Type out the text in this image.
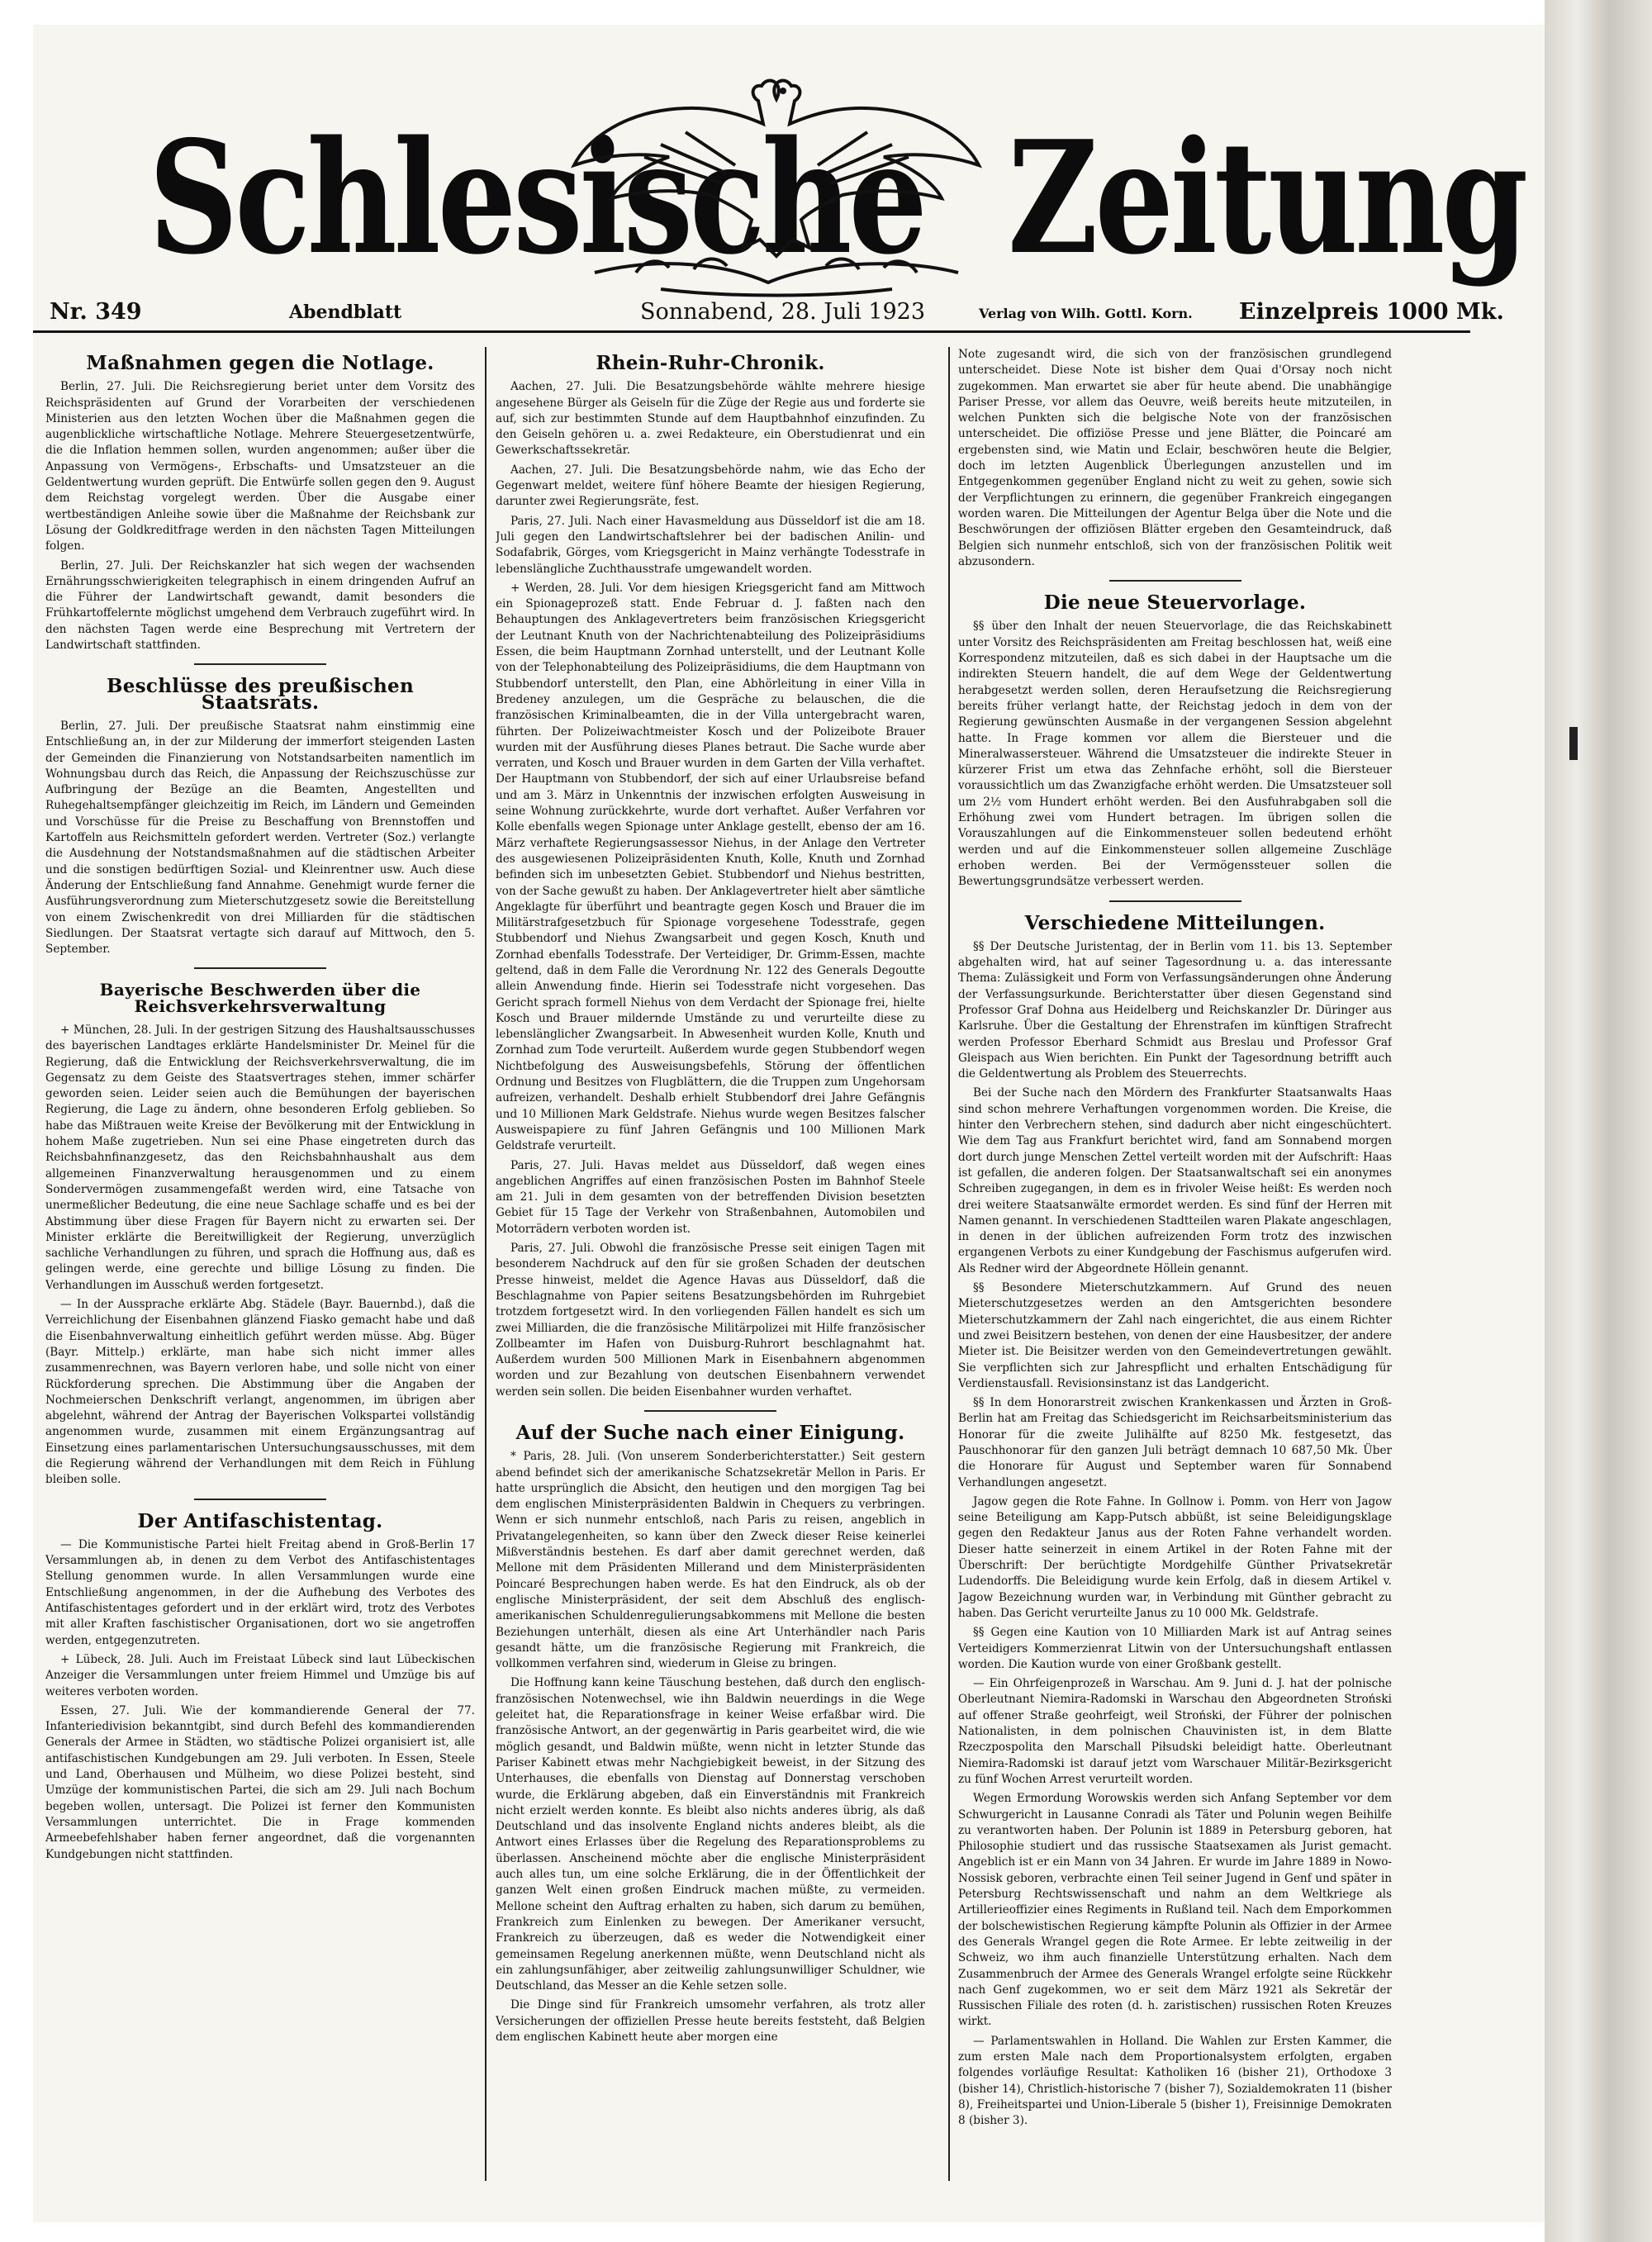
Schlesische Zeitung
Nr. 349	Abendblatt	Sonnabend, 28. Juli 1923	Verlag von Wilh. Gottl. Korn. Einzelpreis 1000 Mk.
Maßnahmen gegen die Notlage.

Berlin, 27. Juli. Die Reichsregierung beriet unter dem Vorsitz des Reichspräsidenten auf Grund der Vorarbeiten der verschiedenen Ministerien aus den letzten Wochen über die Maßnahmen gegen die augenblickliche wirtschaftliche Notlage. Mehrere Steuergesetzentwürfe, die die Inflation hemmen sollen, wurden angenommen; außer über die Anpassung von Vermögens-, Erbschafts- und Umsatzsteuer an die Geldentwertung wurden geprüft. Die Entwürfe sollen gegen den 9. August dem Reichstag vorgelegt werden. Über die Ausgabe einer wertbeständigen Anleihe sowie über die Maßnahme der Reichsbank zur Lösung der Goldkreditfrage werden in den nächsten Tagen Mitteilungen folgen.

Berlin, 27. Juli. Der Reichskanzler hat sich wegen der wachsenden Ernährungsschwierigkeiten telegraphisch in einem dringenden Aufruf an die Führer der Landwirtschaft gewandt, damit besonders die Frühkartoffelernte möglichst umgehend dem Verbrauch zugeführt wird. In den nächsten Tagen werde eine Besprechung mit Vertretern der Landwirtschaft stattfinden.

Beschlüsse des preußischen Staatsrats.

Berlin, 27. Juli. Der preußische Staatsrat nahm einstimmig eine Entschließung an, in der zur Milderung der immerfort steigenden Lasten der Gemeinden die Finanzierung von Notstandsarbeiten namentlich im Wohnungsbau durch das Reich, die Anpassung der Reichszuschüsse zur Aufbringung der Bezüge an die Beamten, Angestellten und Ruhegehaltsempfänger gleichzeitig im Reich, im Ländern und Gemeinden und Vorschüsse für die Preise zu Beschaffung von Brennstoffen und Kartoffeln aus Reichsmitteln gefordert werden. Vertreter (Soz.) verlangte die Ausdehnung der Notstandsmaßnahmen auf die städtischen Arbeiter und die sonstigen bedürftigen Sozial- und Kleinrentner usw. Auch diese Änderung der Entschließung fand Annahme. Genehmigt wurde ferner die Ausführungsverordnung zum Mieterschutzgesetz sowie die Bereitstellung von einem Zwischenkredit von drei Milliarden für die städtischen Siedlungen. Der Staatsrat vertagte sich darauf auf Mittwoch, den 5. September.

Bayerische Beschwerden über die Reichsverkehrsverwaltung

+ München, 28. Juli. In der gestrigen Sitzung des Haushaltsausschusses des bayerischen Landtages erklärte Handelsminister Dr. Meinel für die Regierung, daß die Entwicklung der Reichsverkehrsverwaltung, die im Gegensatz zu dem Geiste des Staatsvertrages stehen, immer schärfer geworden seien. Leider seien auch die Bemühungen der bayerischen Regierung, die Lage zu ändern, ohne besonderen Erfolg geblieben. So habe das Mißtrauen weite Kreise der Bevölkerung mit der Entwicklung in hohem Maße zugetrieben. Nun sei eine Phase eingetreten durch das Reichsbahnfinanzgesetz, das den Reichsbahnhaushalt aus dem allgemeinen Finanzverwaltung herausgenommen und zu einem Sondervermögen zusammengefaßt werden wird, eine Tatsache von unermeßlicher Bedeutung, die eine neue Sachlage schaffe und es bei der Abstimmung über diese Fragen für Bayern nicht zu erwarten sei. Der Minister erklärte die Bereitwilligkeit der Regierung, unverzüglich sachliche Verhandlungen zu führen, und sprach die Hoffnung aus, daß es gelingen werde, eine gerechte und billige Lösung zu finden. Die Verhandlungen im Ausschuß werden fortgesetzt.

— In der Aussprache erklärte Abg. Städele (Bayr. Bauernbd.), daß die Verreichlichung der Eisenbahnen glänzend Fiasko gemacht habe und daß die Eisenbahnverwaltung einheitlich geführt werden müsse. Abg. Büger (Bayr. Mittelp.) erklärte, man habe sich nicht immer alles zusammenrechnen, was Bayern verloren habe, und solle nicht von einer Rückforderung sprechen. Die Abstimmung über die Angaben der Nochmeierschen Denkschrift verlangt, angenommen, im übrigen aber abgelehnt, während der Antrag der Bayerischen Volkspartei vollständig angenommen wurde, zusammen mit einem Ergänzungsantrag auf Einsetzung eines parlamentarischen Untersuchungsausschusses, mit dem die Regierung während der Verhandlungen mit dem Reich in Fühlung bleiben solle.

Der Antifaschistentag.

— Die Kommunistische Partei hielt Freitag abend in Groß-Berlin 17 Versammlungen ab, in denen zu dem Verbot des Antifaschistentages Stellung genommen wurde. In allen Versammlungen wurde eine Entschließung angenommen, in der die Aufhebung des Verbotes des Antifaschistentages gefordert und in der erklärt wird, trotz des Verbotes mit aller Kraften faschistischer Organisationen, dort wo sie angetroffen werden, entgegenzutreten.

+ Lübeck, 28. Juli. Auch im Freistaat Lübeck sind laut Lübeckischen Anzeiger die Versammlungen unter freiem Himmel und Umzüge bis auf weiteres verboten worden.

Essen, 27. Juli. Wie der kommandierende General der 77. Infanteriedivision bekanntgibt, sind durch Befehl des kommandierenden Generals der Armee in Städten, wo städtische Polizei organisiert ist, alle antifaschistischen Kundgebungen am 29. Juli verboten. In Essen, Steele und Land, Oberhausen und Mülheim, wo diese Polizei besteht, sind Umzüge der kommunistischen Partei, die sich am 29. Juli nach Bochum begeben wollen, untersagt. Die Polizei ist ferner den Kommunisten Versammlungen unterrichtet. Die in Frage kommenden Armeebefehlshaber haben ferner angeordnet, daß die vorgenannten Kundgebungen nicht stattfinden.

Rhein-Ruhr-Chronik.

Aachen, 27. Juli. Die Besatzungsbehörde wählte mehrere hiesige angesehene Bürger als Geiseln für die Züge der Regie aus und forderte sie auf, sich zur bestimmten Stunde auf dem Hauptbahnhof einzufinden. Zu den Geiseln gehören u. a. zwei Redakteure, ein Oberstudienrat und ein Gewerkschaftssekretär.

Aachen, 27. Juli. Die Besatzungsbehörde nahm, wie das Echo der Gegenwart meldet, weitere fünf höhere Beamte der hiesigen Regierung, darunter zwei Regierungsräte, fest.

Paris, 27. Juli. Nach einer Havasmeldung aus Düsseldorf ist die am 18. Juli gegen den Landwirtschaftslehrer bei der badischen Anilin- und Sodafabrik, Görges, vom Kriegsgericht in Mainz verhängte Todesstrafe in lebenslängliche Zuchthausstrafe umgewandelt worden.

+ Werden, 28. Juli. Vor dem hiesigen Kriegsgericht fand am Mittwoch ein Spionageprozeß statt. Ende Februar d. J. faßten nach den Behauptungen des Anklagevertreters beim französischen Kriegsgericht der Leutnant Knuth von der Nachrichtenabteilung des Polizeipräsidiums Essen, die beim Hauptmann Zornhad unterstellt, und der Leutnant Kolle von der Telephonabteilung des Polizeipräsidiums, die dem Hauptmann von Stubbendorf unterstellt, den Plan, eine Abhörleitung in einer Villa in Bredeney anzulegen, um die Gespräche zu belauschen, die die französischen Kriminalbeamten, die in der Villa untergebracht waren, führten. Der Polizeiwachtmeister Kosch und der Polizeibote Brauer wurden mit der Ausführung dieses Planes betraut. Die Sache wurde aber verraten, und Kosch und Brauer wurden in dem Garten der Villa verhaftet. Der Hauptmann von Stubbendorf, der sich auf einer Urlaubsreise befand und am 3. März in Unkenntnis der inzwischen erfolgten Ausweisung in seine Wohnung zurückkehrte, wurde dort verhaftet. Außer Verfahren vor Kolle ebenfalls wegen Spionage unter Anklage gestellt, ebenso der am 16. März verhaftete Regierungsassessor Niehus, in der Anlage den Vertreter des ausgewiesenen Polizeipräsidenten Knuth, Kolle, Knuth und Zornhad befinden sich im unbesetzten Gebiet. Stubbendorf und Niehus bestritten, von der Sache gewußt zu haben. Der Anklagevertreter hielt aber sämtliche Angeklagte für überführt und beantragte gegen Kosch und Brauer die im Militärstrafgesetzbuch für Spionage vorgesehene Todesstrafe, gegen Stubbendorf und Niehus Zwangsarbeit und gegen Kosch, Knuth und Zornhad ebenfalls Todesstrafe. Der Verteidiger, Dr. Grimm-Essen, machte geltend, daß in dem Falle die Verordnung Nr. 122 des Generals Degoutte allein Anwendung finde. Hierin sei Todesstrafe nicht vorgesehen. Das Gericht sprach formell Niehus von dem Verdacht der Spionage frei, hielte Kosch und Brauer mildernde Umstände zu und verurteilte diese zu lebenslänglicher Zwangsarbeit. In Abwesenheit wurden Kolle, Knuth und Zornhad zum Tode verurteilt. Außerdem wurde gegen Stubbendorf wegen Nichtbefolgung des Ausweisungsbefehls, Störung der öffentlichen Ordnung und Besitzes von Flugblättern, die die Truppen zum Ungehorsam aufreizen, verhandelt. Deshalb erhielt Stubbendorf drei Jahre Gefängnis und 10 Millionen Mark Geldstrafe. Niehus wurde wegen Besitzes falscher Ausweispapiere zu fünf Jahren Gefängnis und 100 Millionen Mark Geldstrafe verurteilt.

Paris, 27. Juli. Havas meldet aus Düsseldorf, daß wegen eines angeblichen Angriffes auf einen französischen Posten im Bahnhof Steele am 21. Juli in dem gesamten von der betreffenden Division besetzten Gebiet für 15 Tage der Verkehr von Straßenbahnen, Automobilen und Motorrädern verboten worden ist.

Paris, 27. Juli. Obwohl die französische Presse seit einigen Tagen mit besonderem Nachdruck auf den für sie großen Schaden der deutschen Presse hinweist, meldet die Agence Havas aus Düsseldorf, daß die Beschlagnahme von Papier seitens Besatzungsbehörden im Ruhrgebiet trotzdem fortgesetzt wird. In den vorliegenden Fällen handelt es sich um zwei Milliarden, die die französische Militärpolizei mit Hilfe französischer Zollbeamter im Hafen von Duisburg-Ruhrort beschlagnahmt hat. Außerdem wurden 500 Millionen Mark in Eisenbahnern abgenommen worden und zur Bezahlung von deutschen Eisenbahnern verwendet werden sein sollen. Die beiden Eisenbahner wurden verhaftet.

Auf der Suche nach einer Einigung.

* Paris, 28. Juli. (Von unserem Sonderberichterstatter.) Seit gestern abend befindet sich der amerikanische Schatzsekretär Mellon in Paris. Er hatte ursprünglich die Absicht, den heutigen und den morgigen Tag bei dem englischen Ministerpräsidenten Baldwin in Chequers zu verbringen. Wenn er sich nunmehr entschloß, nach Paris zu reisen, angeblich in Privatangelegenheiten, so kann über den Zweck dieser Reise keinerlei Mißverständnis bestehen. Es darf aber damit gerechnet werden, daß Mellone mit dem Präsidenten Millerand und dem Ministerpräsidenten Poincaré Besprechungen haben werde. Es hat den Eindruck, als ob der englische Ministerpräsident, der seit dem Abschluß des englisch-amerikanischen Schuldenregulierungsabkommens mit Mellone die besten Beziehungen unterhält, diesen als eine Art Unterhändler nach Paris gesandt hätte, um die französische Regierung mit Frankreich, die vollkommen verfahren sind, wiederum in Gleise zu bringen.

Die Hoffnung kann keine Täuschung bestehen, daß durch den englisch-französischen Notenwechsel, wie ihn Baldwin neuerdings in die Wege geleitet hat, die Reparationsfrage in keiner Weise erfaßbar wird. Die französische Antwort, an der gegenwärtig in Paris gearbeitet wird, die wie möglich gesandt, und Baldwin müßte, wenn nicht in letzter Stunde das Pariser Kabinett etwas mehr Nachgiebigkeit beweist, in der Sitzung des Unterhauses, die ebenfalls von Dienstag auf Donnerstag verschoben wurde, die Erklärung abgeben, daß ein Einverständnis mit Frankreich nicht erzielt werden konnte. Es bleibt also nichts anderes übrig, als daß Deutschland und das insolvente England nichts anderes bleibt, als die Antwort eines Erlasses über die Regelung des Reparationsproblems zu überlassen. Anscheinend möchte aber die englische Ministerpräsident auch alles tun, um eine solche Erklärung, die in der Öffentlichkeit der ganzen Welt einen großen Eindruck machen müßte, zu vermeiden. Mellone scheint den Auftrag erhalten zu haben, sich darum zu bemühen, Frankreich zum Einlenken zu bewegen. Der Amerikaner versucht, Frankreich zu überzeugen, daß es weder die Notwendigkeit einer gemeinsamen Regelung anerkennen müßte, wenn Deutschland nicht als ein zahlungsunfähiger, aber zeitweilig zahlungsunwilliger Schuldner, wie Deutschland, das Messer an die Kehle setzen solle.

Die Dinge sind für Frankreich umsomehr verfahren, als trotz aller Versicherungen der offiziellen Presse heute bereits feststeht, daß Belgien dem englischen Kabinett heute aber morgen eine

Note zugesandt wird, die sich von der französischen grundlegend unterscheidet. Diese Note ist bisher dem Quai d'Orsay noch nicht zugekommen. Man erwartet sie aber für heute abend. Die unabhängige Pariser Presse, vor allem das Oeuvre, weiß bereits heute mitzuteilen, in welchen Punkten sich die belgische Note von der französischen unterscheidet. Die offiziöse Presse und jene Blätter, die Poincaré am ergebensten sind, wie Matin und Eclair, beschwören heute die Belgier, doch im letzten Augenblick Überlegungen anzustellen und im Entgegenkommen gegenüber England nicht zu weit zu gehen, sowie sich der Verpflichtungen zu erinnern, die gegenüber Frankreich eingegangen worden waren. Die Mitteilungen der Agentur Belga über die Note und die Beschwörungen der offiziösen Blätter ergeben den Gesamteindruck, daß Belgien sich nunmehr entschloß, sich von der französischen Politik weit abzusondern.

Die neue Steuervorlage.

§§ über den Inhalt der neuen Steuervorlage, die das Reichskabinett unter Vorsitz des Reichspräsidenten am Freitag beschlossen hat, weiß eine Korrespondenz mitzuteilen, daß es sich dabei in der Hauptsache um die indirekten Steuern handelt, die auf dem Wege der Geldentwertung herabgesetzt werden sollen, deren Heraufsetzung die Reichsregierung bereits früher verlangt hatte, der Reichstag jedoch in dem von der Regierung gewünschten Ausmaße in der vergangenen Session abgelehnt hatte. In Frage kommen vor allem die Biersteuer und die Mineralwassersteuer. Während die Umsatzsteuer die indirekte Steuer in kürzerer Frist um etwa das Zehnfache erhöht, soll die Biersteuer voraussichtlich um das Zwanzigfache erhöht werden. Die Umsatzsteuer soll um 2½ vom Hundert erhöht werden. Bei den Ausfuhrabgaben soll die Erhöhung zwei vom Hundert betragen. Im übrigen sollen die Vorauszahlungen auf die Einkommensteuer sollen bedeutend erhöht werden und auf die Einkommensteuer sollen allgemeine Zuschläge erhoben werden. Bei der Vermögenssteuer sollen die Bewertungsgrundsätze verbessert werden.

Verschiedene Mitteilungen.

§§ Der Deutsche Juristentag, der in Berlin vom 11. bis 13. September abgehalten wird, hat auf seiner Tagesordnung u. a. das interessante Thema: Zulässigkeit und Form von Verfassungsänderungen ohne Änderung der Verfassungsurkunde. Berichterstatter über diesen Gegenstand sind Professor Graf Dohna aus Heidelberg und Reichskanzler Dr. Düringer aus Karlsruhe. Über die Gestaltung der Ehrenstrafen im künftigen Strafrecht werden Professor Eberhard Schmidt aus Breslau und Professor Graf Gleispach aus Wien berichten. Ein Punkt der Tagesordnung betrifft auch die Geldentwertung als Problem des Steuerrechts.

Bei der Suche nach den Mördern des Frankfurter Staatsanwalts Haas sind schon mehrere Verhaftungen vorgenommen worden. Die Kreise, die hinter den Verbrechern stehen, sind dadurch aber nicht eingeschüchtert. Wie dem Tag aus Frankfurt berichtet wird, fand am Sonnabend morgen dort durch junge Menschen Zettel verteilt worden mit der Aufschrift: Haas ist gefallen, die anderen folgen. Der Staatsanwaltschaft sei ein anonymes Schreiben zugegangen, in dem es in frivoler Weise heißt: Es werden noch drei weitere Staatsanwälte ermordet werden. Es sind fünf der Herren mit Namen genannt. In verschiedenen Stadtteilen waren Plakate angeschlagen, in denen in der üblichen aufreizenden Form trotz des inzwischen ergangenen Verbots zu einer Kundgebung der Faschismus aufgerufen wird. Als Redner wird der Abgeordnete Höllein genannt.

§§ Besondere Mieterschutzkammern. Auf Grund des neuen Mieterschutzgesetzes werden an den Amtsgerichten besondere Mieterschutzkammern der Zahl nach eingerichtet, die aus einem Richter und zwei Beisitzern bestehen, von denen der eine Hausbesitzer, der andere Mieter ist. Die Beisitzer werden von den Gemeindevertretungen gewählt. Sie verpflichten sich zur Jahrespflicht und erhalten Entschädigung für Verdienstausfall. Revisionsinstanz ist das Landgericht.

§§ In dem Honorarstreit zwischen Krankenkassen und Ärzten in Groß-Berlin hat am Freitag das Schiedsgericht im Reichsarbeitsministerium das Honorar für die zweite Julihälfte auf 8250 Mk. festgesetzt, das Pauschhonorar für den ganzen Juli beträgt demnach 10 687,50 Mk. Über die Honorare für August und September waren für Sonnabend Verhandlungen angesetzt.

Jagow gegen die Rote Fahne. In Gollnow i. Pomm. von Herr von Jagow seine Beteiligung am Kapp-Putsch abbüßt, ist seine Beleidigungsklage gegen den Redakteur Janus aus der Roten Fahne verhandelt worden. Dieser hatte seinerzeit in einem Artikel in der Roten Fahne mit der Überschrift: Der berüchtigte Mordgehilfe Günther Privatsekretär Ludendorffs. Die Beleidigung wurde kein Erfolg, daß in diesem Artikel v. Jagow Bezeichnung wurden war, in Verbindung mit Günther gebracht zu haben. Das Gericht verurteilte Janus zu 10 000 Mk. Geldstrafe.

§§ Gegen eine Kaution von 10 Milliarden Mark ist auf Antrag seines Verteidigers Kommerzienrat Litwin von der Untersuchungshaft entlassen worden. Die Kaution wurde von einer Großbank gestellt.

— Ein Ohrfeigenprozeß in Warschau. Am 9. Juni d. J. hat der polnische Oberleutnant Niemira-Radomski in Warschau den Abgeordneten Stroński auf offener Straße geohrfeigt, weil Stroński, der Führer der polnischen Nationalisten, in dem polnischen Chauvinisten ist, in dem Blatte Rzeczpospolita den Marschall Piłsudski beleidigt hatte. Oberleutnant Niemira-Radomski ist darauf jetzt vom Warschauer Militär-Bezirksgericht zu fünf Wochen Arrest verurteilt worden.

Wegen Ermordung Worowskis werden sich Anfang September vor dem Schwurgericht in Lausanne Conradi als Täter und Polunin wegen Beihilfe zu verantworten haben. Der Polunin ist 1889 in Petersburg geboren, hat Philosophie studiert und das russische Staatsexamen als Jurist gemacht. Angeblich ist er ein Mann von 34 Jahren. Er wurde im Jahre 1889 in Nowo-Nossisk geboren, verbrachte einen Teil seiner Jugend in Genf und später in Petersburg Rechtswissenschaft und nahm an dem Weltkriege als Artillerieoffizier eines Regiments in Rußland teil. Nach dem Emporkommen der bolschewistischen Regierung kämpfte Polunin als Offizier in der Armee des Generals Wrangel gegen die Rote Armee. Er lebte zeitweilig in der Schweiz, wo ihm auch finanzielle Unterstützung erhalten. Nach dem Zusammenbruch der Armee des Generals Wrangel erfolgte seine Rückkehr nach Genf zugekommen, wo er seit dem März 1921 als Sekretär der Russischen Filiale des roten (d. h. zaristischen) russischen Roten Kreuzes wirkt.

— Parlamentswahlen in Holland. Die Wahlen zur Ersten Kammer, die zum ersten Male nach dem Proportionalsystem erfolgten, ergaben folgendes vorläufige Resultat: Katholiken 16 (bisher 21), Orthodoxe 3 (bisher 14), Christlich-historische 7 (bisher 7), Sozialdemokraten 11 (bisher 8), Freiheitspartei und Union-Liberale 5 (bisher 1), Freisinnige Demokraten 8 (bisher 3).
